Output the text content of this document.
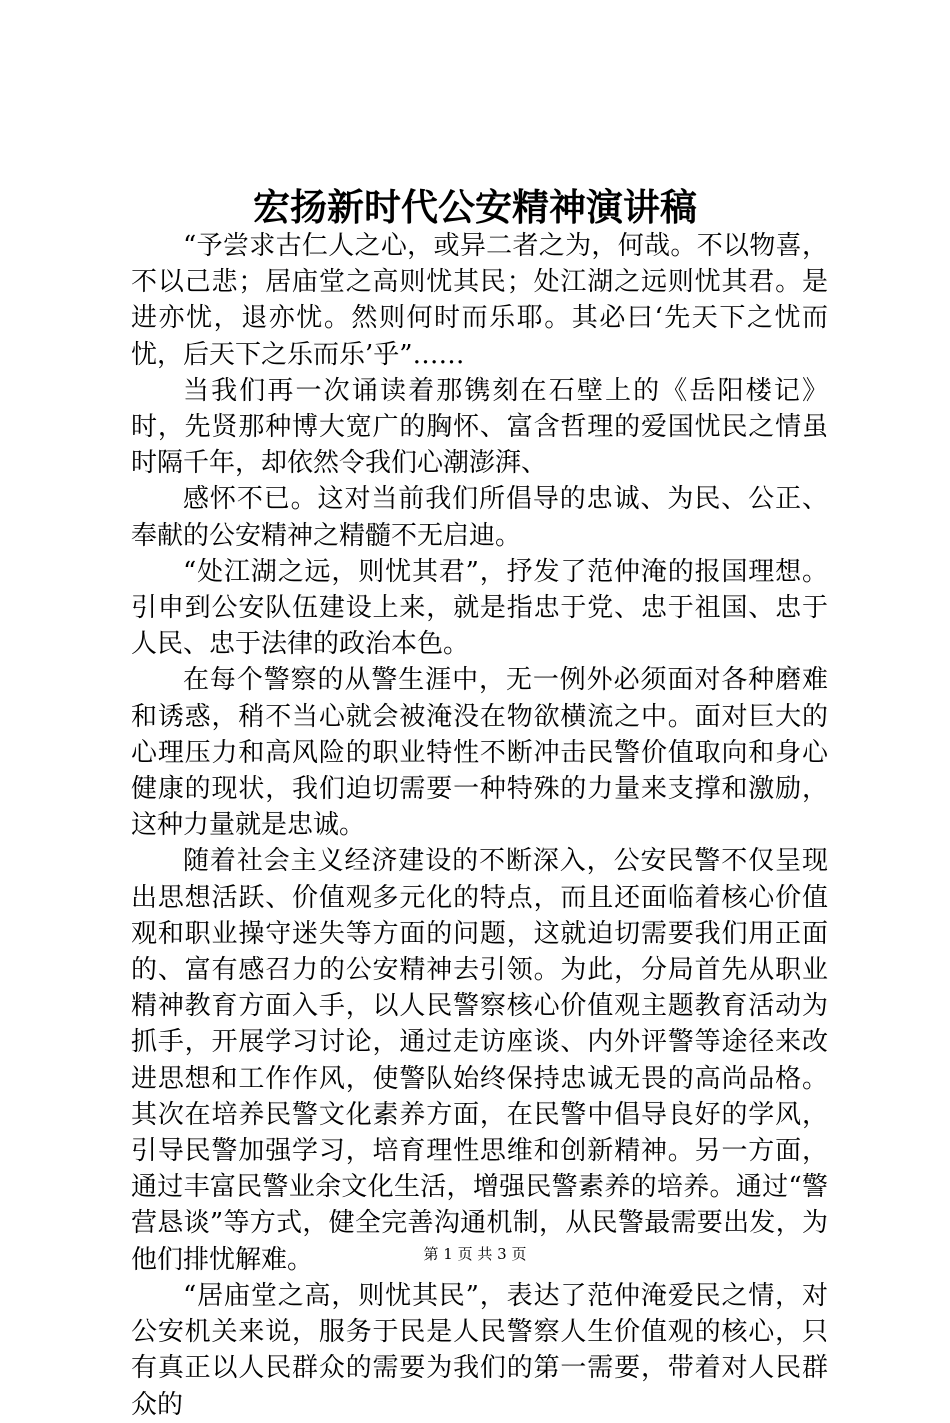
宏扬新时代公安精神演讲稿

“予尝求古仁人之心，或异二者之为，何哉。不以物喜，不以己悲；居庙堂之高则忧其民；处江湖之远则忧其君。是进亦忧，退亦忧。然则何时而乐耶。其必曰‘先天下之忧而忧，后天下之乐而乐’乎”……

当我们再一次诵读着那镌刻在石壁上的《岳阳楼记》时，先贤那种博大宽广的胸怀、富含哲理的爱国忧民之情虽时隔千年，却依然令我们心潮澎湃、

感怀不已。这对当前我们所倡导的忠诚、为民、公正、奉献的公安精神之精髓不无启迪。

“处江湖之远，则忧其君”，抒发了范仲淹的报国理想。引申到公安队伍建设上来，就是指忠于党、忠于祖国、忠于人民、忠于法律的政治本色。

在每个警察的从警生涯中，无一例外必须面对各种磨难和诱惑，稍不当心就会被淹没在物欲横流之中。面对巨大的心理压力和高风险的职业特性不断冲击民警价值取向和身心健康的现状，我们迫切需要一种特殊的力量来支撑和激励，这种力量就是忠诚。

随着社会主义经济建设的不断深入，公安民警不仅呈现出思想活跃、价值观多元化的特点，而且还面临着核心价值观和职业操守迷失等方面的问题，这就迫切需要我们用正面的、富有感召力的公安精神去引领。为此，分局首先从职业精神教育方面入手，以人民警察核心价值观主题教育活动为抓手，开展学习讨论，通过走访座谈、内外评警等途径来改进思想和工作作风，使警队始终保持忠诚无畏的高尚品格。其次在培养民警文化素养方面，在民警中倡导良好的学风，引导民警加强学习，培育理性思维和创新精神。另一方面，通过丰富民警业余文化生活，增强民警素养的培养。通过“警营恳谈”等方式，健全完善沟通机制，从民警最需要出发，为他们排忧解难。

“居庙堂之高，则忧其民”，表达了范仲淹爱民之情，对公安机关来说，服务于民是人民警察人生价值观的核心，只有真正以人民群众的需要为我们的第一需要，带着对人民群众的

第 1 页 共 3 页
